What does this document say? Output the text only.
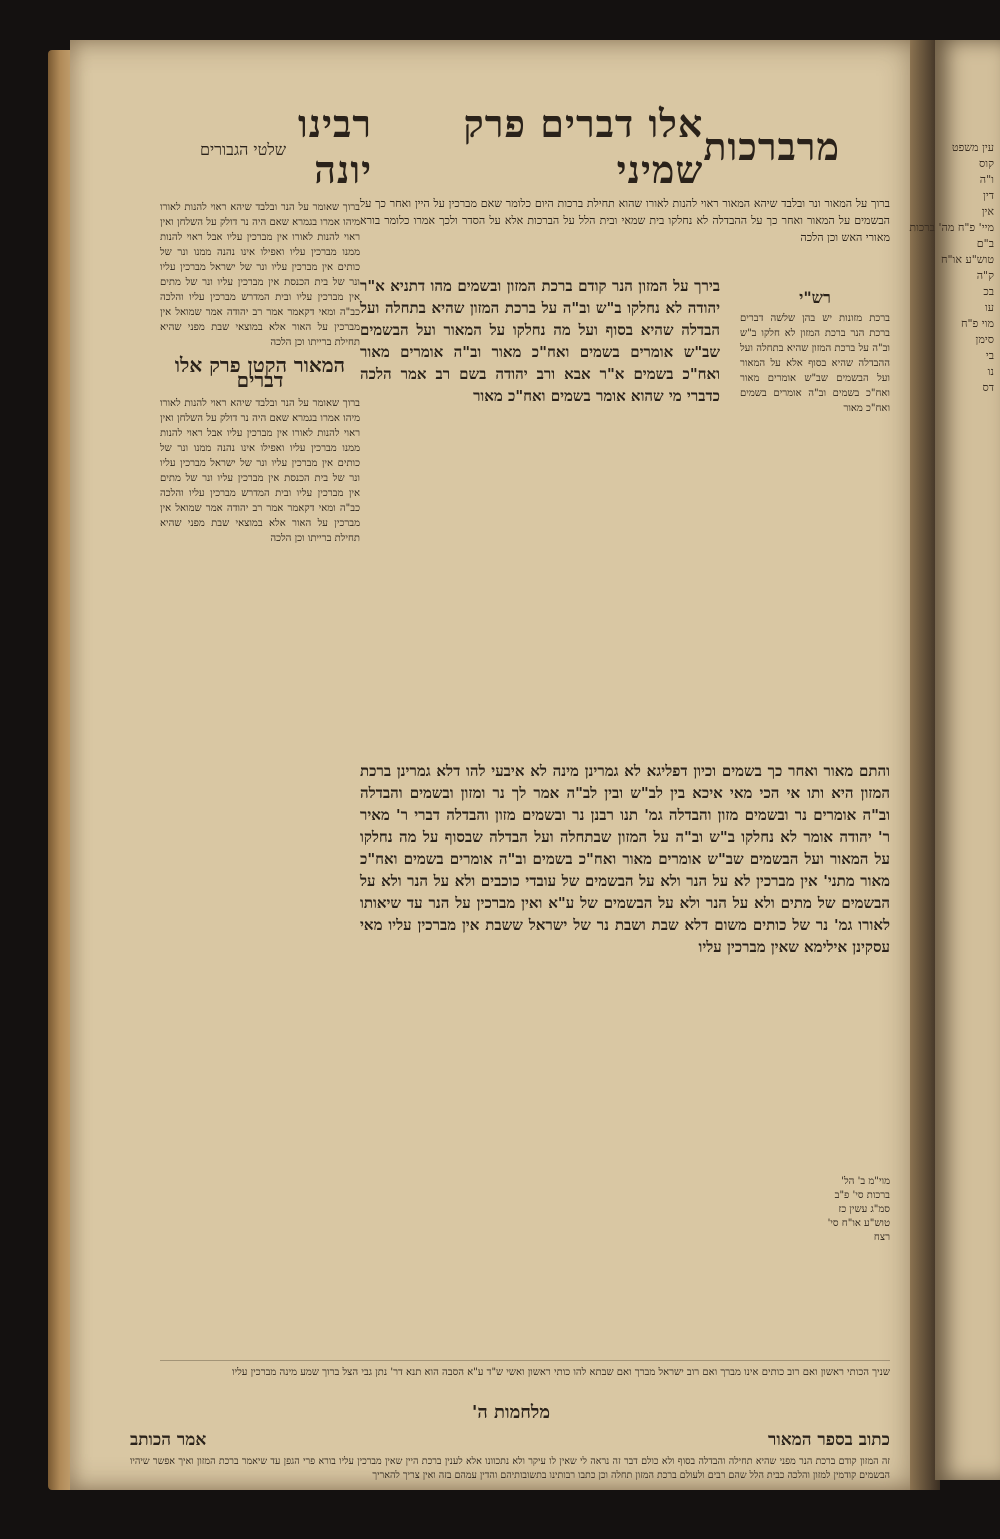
מר
ברכות
אלו דברים פרק שמיני
רבינו יונה
שלטי הגבורים
ברוך על המאור ונר ובלבד שיהא המאור ראוי להנות לאורו שהוא תחילת ברכות היום כלומר שאם מברכין על היין ואחר כך על הבשמים על המאור ואחר כך על ההבדלה לא נחלקו בית שמאי ובית הלל על הברכות אלא על הסדר ולכך אמרו כלומר בורא מאורי האש וכן הלכה
רש"י
ברכת מזונות יש בהן שלשה דברים ברכת הנר ברכת המזון לא חלקו ב"ש וב"ה על ברכת המזון שהיא בתחלה ועל ההבדלה שהיא בסוף אלא על המאור ועל הבשמים שב"ש אומרים מאור ואח"כ בשמים וב"ה אומרים בשמים ואח"כ מאור
בירך על המזון הנר קודם ברכת המזון ובשמים מהו דתניא א"ר יהודה לא נחלקו ב"ש וב"ה על ברכת המזון שהיא בתחלה ועל הבדלה שהיא בסוף ועל מה נחלקו על המאור ועל הבשמים שב"ש אומרים בשמים ואח"כ מאור וב"ה אומרים מאור ואח"כ בשמים א"ר אבא ורב יהודה בשם רב אמר הלכה כדברי מי שהוא אומר בשמים ואח"כ מאור
והתם מאור ואחר כך בשמים וכיון דפליגא לא גמרינן מינה לא איבעי להו דלא גמרינן ברכת המזון היא ותו אי הכי מאי איכא בין לב"ש ובין לב"ה אמר לך נר ומזון ובשמים והבדלה וב"ה אומרים נר ובשמים מזון והבדלה גמ' תנו רבנן נר ובשמים מזון והבדלה דברי ר' מאיר ר' יהודה אומר לא נחלקו ב"ש וב"ה על המזון שבתחלה ועל הבדלה שבסוף על מה נחלקו על המאור ועל הבשמים שב"ש אומרים מאור ואח"כ בשמים וב"ה אומרים בשמים ואח"כ מאור מתני' אין מברכין לא על הנר ולא על הבשמים של עובדי כוכבים ולא על הנר ולא על הבשמים של מתים ולא על הנר ולא על הבשמים של ע"א ואין מברכין על הנר עד שיאותו לאורו גמ' נר של כותים משום דלא שבת ושבת נר של ישראל ששבת אין מברכין עליו מאי עסקינן אילימא שאין מברכין עליו
ברוך שאומר על הנר ובלבד שיהא ראוי להנות לאורו מיהו אמרו בגמרא שאם היה נר דולק על השלחן ואין ראוי להנות לאורו אין מברכין עליו אבל ראוי להנות ממנו מברכין עליו ואפילו אינו נהנה ממנו ונר של כותים אין מברכין עליו ונר של ישראל מברכין עליו ונר של בית הכנסת אין מברכין עליו ונר של מתים אין מברכין עליו ובית המדרש מברכין עליו והלכה כב"ה ומאי דקאמר אמר רב יהודה אמר שמואל אין מברכין על האור אלא במוצאי שבת מפני שהיא תחילת ברייתו וכן הלכה
המאור הקטן פרק אלו דברים
ברוך שאומר על הנר ובלבד שיהא ראוי להנות לאורו מיהו אמרו בגמרא שאם היה נר דולק על השלחן ואין ראוי להנות לאורו אין מברכין עליו אבל ראוי להנות ממנו מברכין עליו ואפילו אינו נהנה ממנו ונר של כותים אין מברכין עליו ונר של ישראל מברכין עליו ונר של בית הכנסת אין מברכין עליו ונר של מתים אין מברכין עליו ובית המדרש מברכין עליו והלכה כב"ה ומאי דקאמר אמר רב יהודה אמר שמואל אין מברכין על האור אלא במוצאי שבת מפני שהיא תחילת ברייתו וכן הלכה
מוי"מ ב' הל' ברכות סי' פ"ב סמ"ג עשין כז טוש"ע או"ח סי' רצח
שניך הכותי ראשון ואם רוב כותים אינו מברך ואם רוב ישראל מברך ואם שבתא להו כותי ראשון ואשי ש"ד ע"א הסבה הוא תנא דר' נתן גבי הצל ברוך שמע מינה מברכין עליו
מלחמות ה'
כתוב בספר המאור
אמר הכותב
זה המזון קודם ברכת הנר מפני שהיא תחילה והבדלה בסוף ולא כולם דבר זה נראה לי שאין לו עיקר ולא נתכוונו אלא לענין ברכת היין שאין מברכין עליו בורא פרי הגפן עד שיאמר ברכת המזון ואיך אפשר שיהיו הבשמים קודמין למזון והלכה כבית הלל שהם רבים ולעולם ברכת המזון תחלה וכן כתבו רבותינו בתשובותיהם והדין עמהם בזה ואין צריך להאריך
עין משפט
קוס
ו"ה
דין
אין
מיי' פ"ח מה' ברכות
ב"ם
טוש"ע או"ח
ק"ה
בכ
עו
מוי פ"ח
סימן
בי
נו
דס
